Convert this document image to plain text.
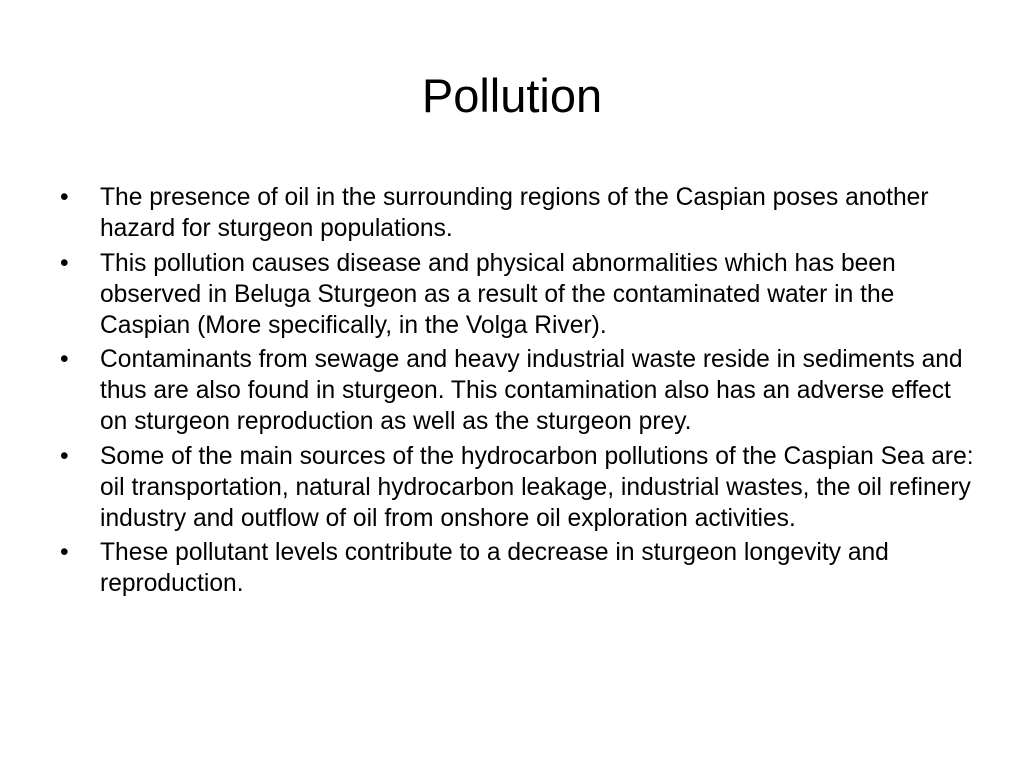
Pollution
•	The presence of oil in the surrounding regions of the Caspian poses another hazard for sturgeon populations.
•	This pollution causes disease and physical abnormalities which has been observed in Beluga Sturgeon as a result of the contaminated water in the Caspian (More specifically, in the Volga River).
•	Contaminants from sewage and heavy industrial waste reside in sediments and thus are also found in sturgeon. This contamination also has an adverse effect on sturgeon reproduction as well as the sturgeon prey.
•	Some of the main sources of the hydrocarbon pollutions of the Caspian Sea are: oil transportation, natural hydrocarbon leakage, industrial wastes, the oil refinery industry and outflow of oil from onshore oil exploration activities.
•	These pollutant levels contribute to a decrease in sturgeon longevity and reproduction.
